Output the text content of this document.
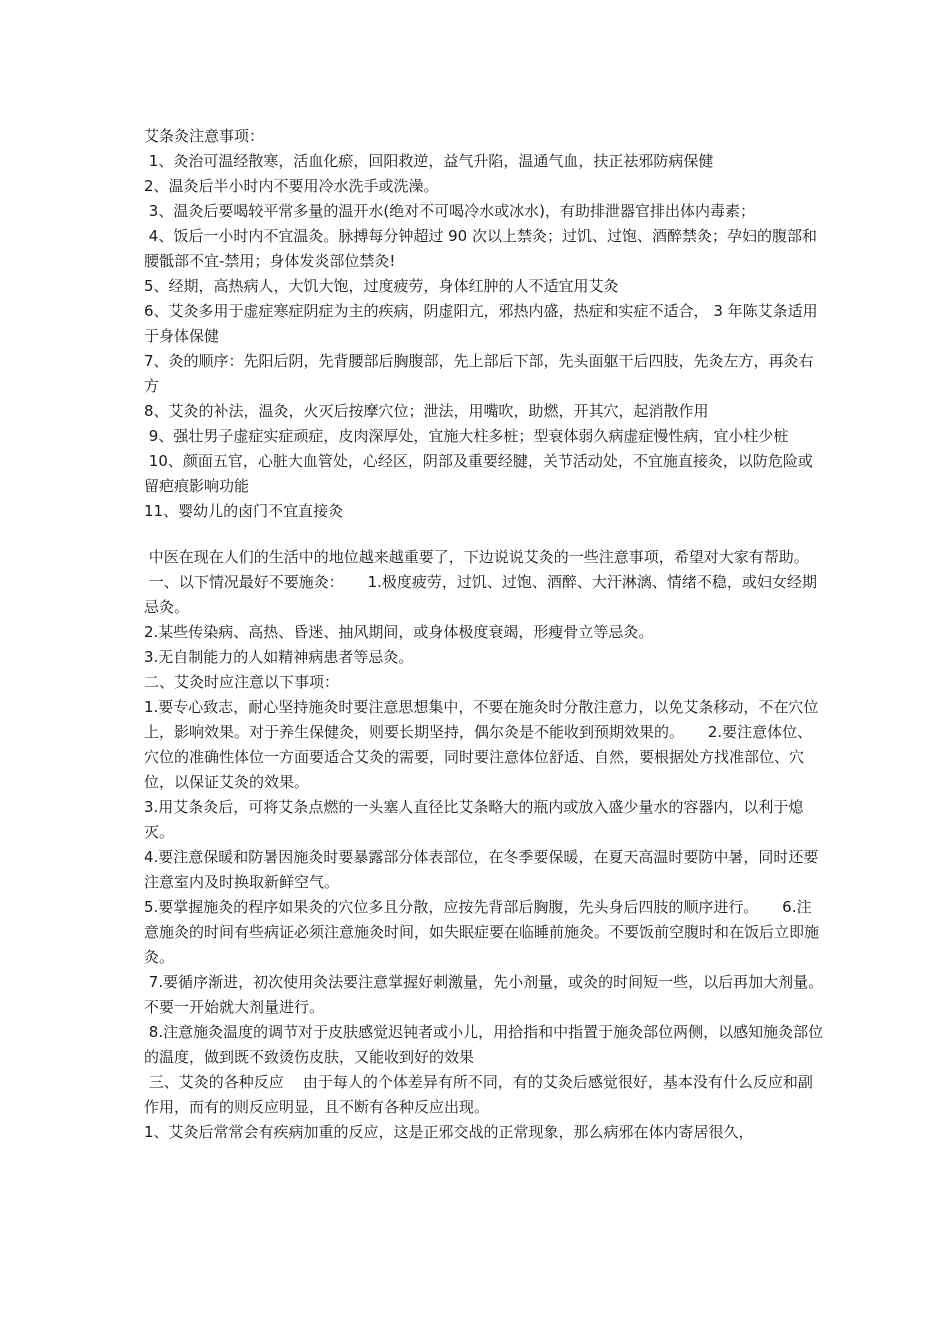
艾条灸注意事项：

1、灸治可温经散寒，活血化瘀，回阳救逆，益气升陷，温通气血，扶正祛邪防病保健

2、温灸后半小时内不要用冷水洗手或洗澡。

3、温灸后要喝较平常多量的温开水(绝对不可喝冷水或冰水)，有助排泄器官排出体内毒素；

4、饭后一小时内不宜温灸。脉搏每分钟超过 90 次以上禁灸；过饥、过饱、酒醉禁灸；孕妇的腹部和腰骶部不宜-禁用；身体发炎部位禁灸!

5、经期，高热病人，大饥大饱，过度疲劳，身体红肿的人不适宜用艾灸

6、艾灸多用于虚症寒症阴症为主的疾病，阴虚阳亢，邪热内盛，热症和实症不适合， 3 年陈艾条适用于身体保健

7、灸的顺序：先阳后阴，先背腰部后胸腹部，先上部后下部，先头面躯干后四肢，先灸左方，再灸右方

8、艾灸的补法，温灸，火灭后按摩穴位；泄法，用嘴吹，助燃，开其穴，起消散作用

9、强壮男子虚症实症顽症，皮肉深厚处，宜施大柱多桩；型衰体弱久病虚症慢性病，宜小柱少桩

10、颜面五官，心脏大血管处，心经区，阴部及重要经腱，关节活动处，不宜施直接灸，以防危险或留疤痕影响功能

11、婴幼儿的卤门不宜直接灸

中医在现在人们的生活中的地位越来越重要了，下边说说艾灸的一些注意事项，希望对大家有帮助。

一、以下情况最好不要施灸：     1.极度疲劳，过饥、过饱、酒醉、大汗淋漓、情绪不稳，或妇女经期忌灸。

2.某些传染病、高热、昏迷、抽风期间，或身体极度衰竭，形瘦骨立等忌灸。

3.无自制能力的人如精神病患者等忌灸。

二、艾灸时应注意以下事项：

1.要专心致志，耐心坚持施灸时要注意思想集中，不要在施灸时分散注意力，以免艾条移动，不在穴位上，影响效果。对于养生保健灸，则要长期坚持，偶尔灸是不能收到预期效果的。     2.要注意体位、穴位的准确性体位一方面要适合艾灸的需要，同时要注意体位舒适、自然，要根据处方找准部位、穴位，以保证艾灸的效果。

3.用艾条灸后，可将艾条点燃的一头塞人直径比艾条略大的瓶内或放入盛少量水的容器内，以利于熄灭。

4.要注意保暖和防暑因施灸时要暴露部分体表部位，在冬季要保暖，在夏天高温时要防中暑，同时还要注意室内及时换取新鲜空气。

5.要掌握施灸的程序如果灸的穴位多且分散，应按先背部后胸腹，先头身后四肢的顺序进行。     6.注意施灸的时间有些病证必须注意施灸时间，如失眠症要在临睡前施灸。不要饭前空腹时和在饭后立即施灸。

7.要循序渐进，初次使用灸法要注意掌握好刺激量，先小剂量，或灸的时间短一些，以后再加大剂量。不要一开始就大剂量进行。

8.注意施灸温度的调节对于皮肤感觉迟钝者或小儿，用拾指和中指置于施灸部位两侧，以感知施灸部位的温度，做到既不致烫伤皮肤，又能收到好的效果

三、艾灸的各种反应    由于每人的个体差异有所不同，有的艾灸后感觉很好，基本没有什么反应和副作用，而有的则反应明显，且不断有各种反应出现。

1、艾灸后常常会有疾病加重的反应，这是正邪交战的正常现象，那么病邪在体内寄居很久，
